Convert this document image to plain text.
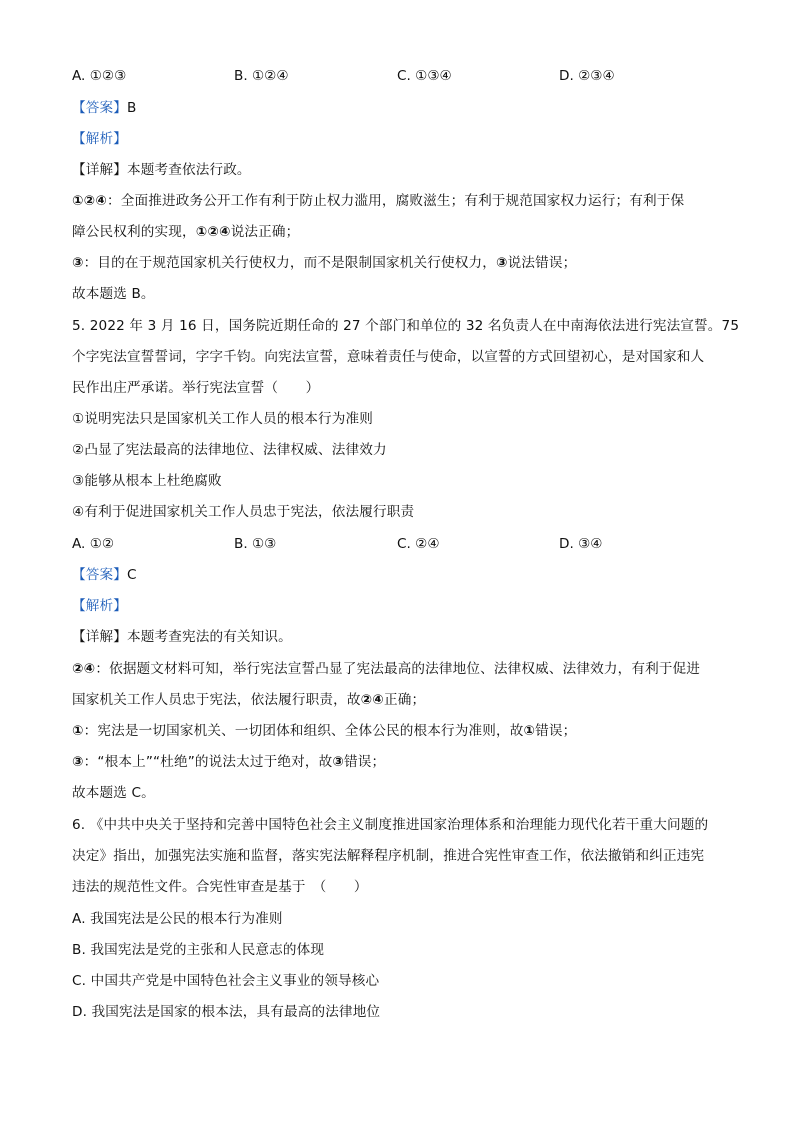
A. ①②③	B. ①②④	C. ①③④	D. ②③④
【答案】B
【解析】
【详解】本题考查依法行政。
①②④：全面推进政务公开工作有利于防止权力滥用，腐败滋生；有利于规范国家权力运行；有利于保
障公民权利的实现，①②④说法正确；
③：目的在于规范国家机关行使权力，而不是限制国家机关行使权力，③说法错误；
故本题选 B。
5. 2022 年 3 月 16 日，国务院近期任命的 27 个部门和单位的 32 名负责人在中南海依法进行宪法宣誓。75
个字宪法宣誓誓词，字字千钧。向宪法宣誓，意味着责任与使命，以宣誓的方式回望初心，是对国家和人
民作出庄严承诺。举行宪法宣誓（　　）
①说明宪法只是国家机关工作人员的根本行为准则
②凸显了宪法最高的法律地位、法律权威、法律效力
③能够从根本上杜绝腐败
④有利于促进国家机关工作人员忠于宪法，依法履行职责
A. ①②	B. ①③	C. ②④	D. ③④
【答案】C
【解析】
【详解】本题考查宪法的有关知识。
②④：依据题文材料可知，举行宪法宣誓凸显了宪法最高的法律地位、法律权威、法律效力，有利于促进
国家机关工作人员忠于宪法，依法履行职责，故②④正确；
①：宪法是一切国家机关、一切团体和组织、全体公民的根本行为准则，故①错误；
③：“根本上”“杜绝”的说法太过于绝对，故③错误；
故本题选 C。
6. 《中共中央关于坚持和完善中国特色社会主义制度推进国家治理体系和治理能力现代化若干重大问题的
决定》指出，加强宪法实施和监督，落实宪法解释程序机制，推进合宪性审查工作，依法撤销和纠正违宪
违法的规范性文件。合宪性审查是基于　（　　）
A. 我国宪法是公民的根本行为准则
B. 我国宪法是党的主张和人民意志的体现
C. 中国共产党是中国特色社会主义事业的领导核心
D. 我国宪法是国家的根本法，具有最高的法律地位
